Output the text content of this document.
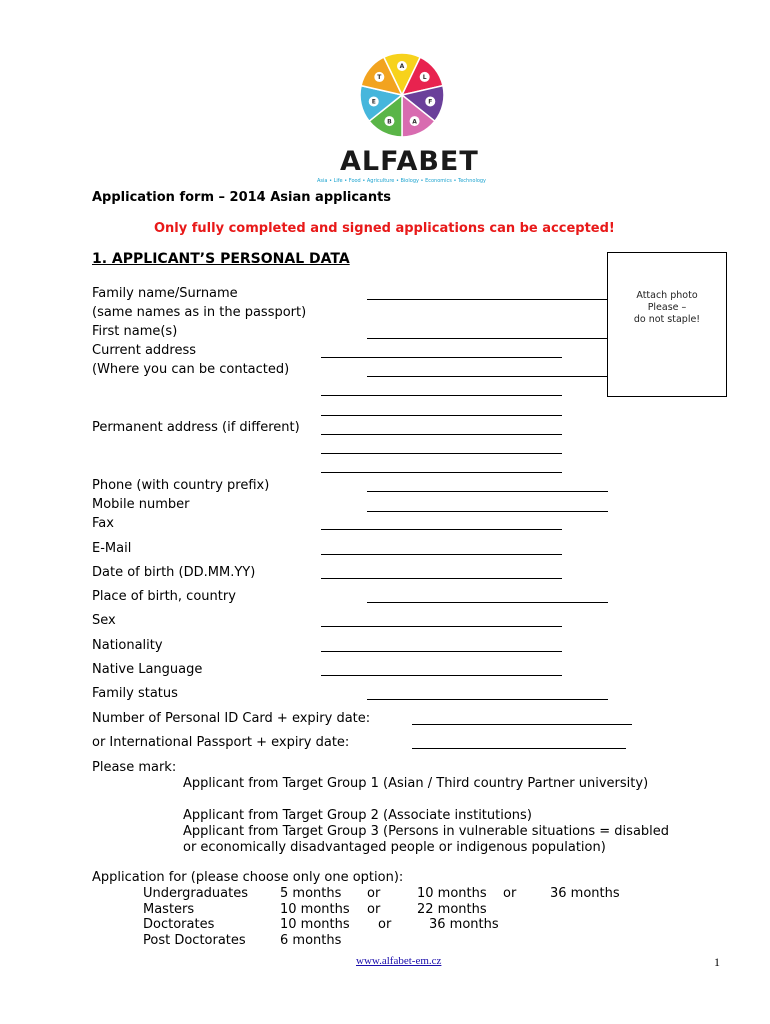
A
L
F
A
B
E
T
ALFABET
Asia • Life • Food • Agriculture • Biology • Economics • Technology
Application form – 2014 Asian applicants
Only fully completed and signed applications can be accepted!
1. APPLICANT’S PERSONAL DATA
Attach photo
Please –
do not staple!
Family name/Surname
(same names as in the passport)
First name(s)
Current address
(Where you can be contacted)
Permanent address (if different)
Phone (with country prefix)
Mobile number
Fax
E-Mail
Date of birth (DD.MM.YY)
Place of birth, country
Sex
Nationality
Native Language
Family status
Number of Personal ID Card + expiry date:
or International Passport + expiry date:
Please mark:
Applicant from Target Group 1 (Asian / Third country Partner university)
Applicant from Target Group 2 (Associate institutions)
Applicant from Target Group 3 (Persons in vulnerable situations = disabled
or economically disadvantaged people or indigenous population)
Application for (please choose only one option):
Undergraduates 5 months or	10 months or	36 months
Masters	10 months or	22 months
Doctorates	10 months or	36 months
Post Doctorates	6 months
www.alfabet-em.cz	1
